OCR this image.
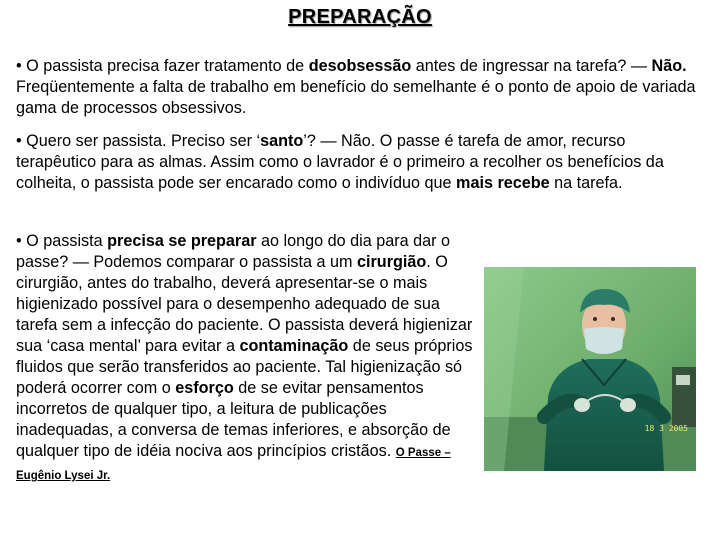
PREPARAÇÃO
• O passista precisa fazer tratamento de desobsessão antes de ingressar na tarefa? — Não. Freqüentemente a falta de trabalho em benefício do semelhante é o ponto de apoio de variada gama de processos obsessivos.
• Quero ser passista. Preciso ser ‘santo’? — Não. O passe é tarefa de amor, recurso terapêutico para as almas. Assim como o lavrador é o primeiro a recolher os benefícios da colheita, o passista pode ser encarado como o indivíduo que mais recebe na tarefa.
• O passista precisa se preparar ao longo do dia para dar o passe? — Podemos comparar o passista a um cirurgião. O cirurgião, antes do trabalho, deverá apresentar-se o mais higienizado possível para o desempenho adequado de sua tarefa sem a infecção do paciente. O passista deverá higienizar sua ‘casa mental’ para evitar a contaminação de seus próprios fluidos que serão transferidos ao paciente. Tal higienização só poderá ocorrer com o esforço de se evitar pensamentos incorretos de qualquer tipo, a leitura de publicações inadequadas, a conversa de temas inferiores, e absorção de qualquer tipo de idéia nociva aos princípios cristãos. O Passe – Eugênio Lysei Jr.
18 3 2005
